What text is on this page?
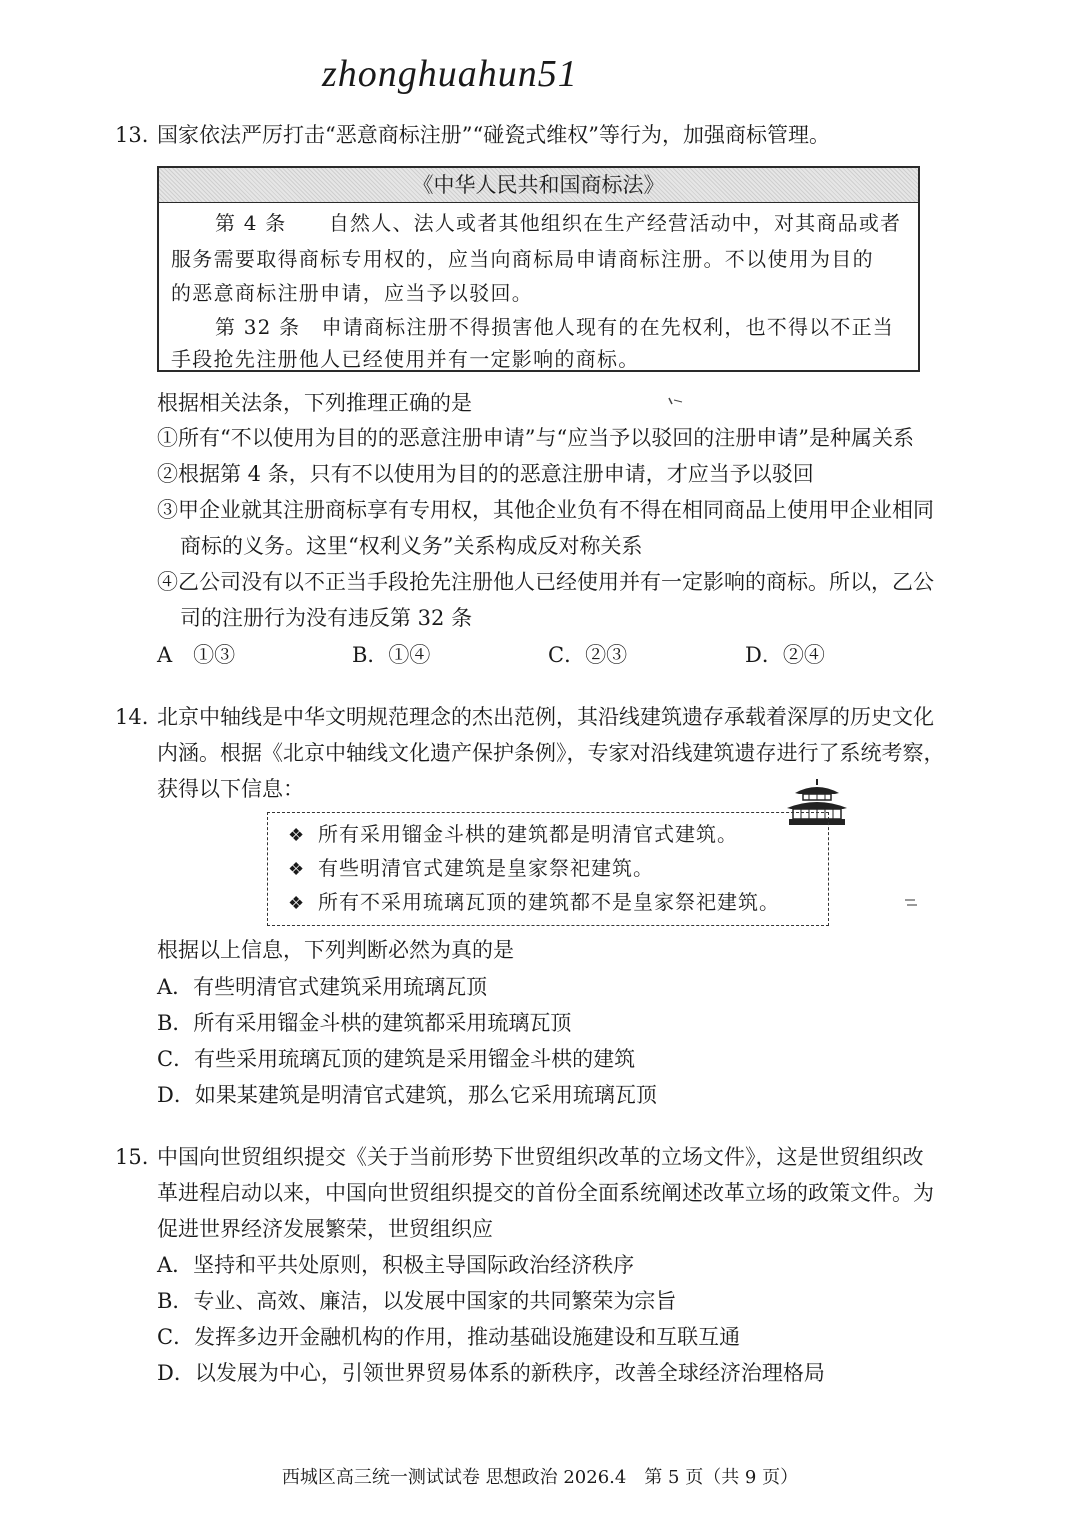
zhonghuahun51
13. 国家依法严厉打击“恶意商标注册”“碰瓷式维权”等行为，加强商标管理。
《中华人民共和国商标法》
第 4 条　　自然人、法人或者其他组织在生产经营活动中，对其商品或者
服务需要取得商标专用权的，应当向商标局申请商标注册。不以使用为目的
的恶意商标注册申请，应当予以驳回。
第 32 条　申请商标注册不得损害他人现有的在先权利，也不得以不正当
手段抢先注册他人已经使用并有一定影响的商标。
根据相关法条，下列推理正确的是
①所有“不以使用为目的的恶意注册申请”与“应当予以驳回的注册申请”是种属关系
②根据第 4 条，只有不以使用为目的的恶意注册申请，才应当予以驳回
③甲企业就其注册商标享有专用权，其他企业负有不得在相同商品上使用甲企业相同
商标的义务。这里“权利义务”关系构成反对称关系
④乙公司没有以不正当手段抢先注册他人已经使用并有一定影响的商标。所以，乙公
司的注册行为没有违反第 32 条
A　①③	B．①④	C．②③	D．②④
14. 北京中轴线是中华文明规范理念的杰出范例，其沿线建筑遗存承载着深厚的历史文化
内涵。根据《北京中轴线文化遗产保护条例》，专家对沿线建筑遗存进行了系统考察，
获得以下信息：
❖ 所有采用镏金斗栱的建筑都是明清官式建筑。
❖ 有些明清官式建筑是皇家祭祀建筑。
❖ 所有不采用琉璃瓦顶的建筑都不是皇家祭祀建筑。
根据以上信息，下列判断必然为真的是
A．有些明清官式建筑采用琉璃瓦顶
B．所有采用镏金斗栱的建筑都采用琉璃瓦顶
C．有些采用琉璃瓦顶的建筑是采用镏金斗栱的建筑
D．如果某建筑是明清官式建筑，那么它采用琉璃瓦顶
15. 中国向世贸组织提交《关于当前形势下世贸组织改革的立场文件》，这是世贸组织改
革进程启动以来，中国向世贸组织提交的首份全面系统阐述改革立场的政策文件。为
促进世界经济发展繁荣，世贸组织应
A．坚持和平共处原则，积极主导国际政治经济秩序
B．专业、高效、廉洁，以发展中国家的共同繁荣为宗旨
C．发挥多边开金融机构的作用，推动基础设施建设和互联互通
D．以发展为中心，引领世界贸易体系的新秩序，改善全球经济治理格局
西城区高三统一测试试卷 思想政治 2026.4　第 5 页（共 9 页）
